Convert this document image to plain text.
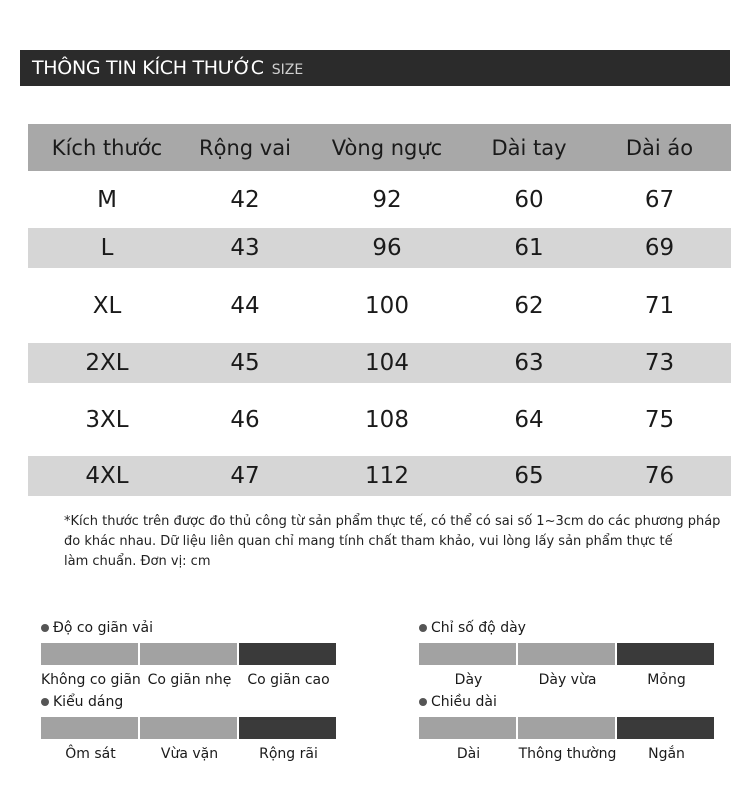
THÔNG TIN KÍCH THƯỚC SIZE
Kích thước	Rộng vai	Vòng ngực	Dài tay	Dài áo
M	42	92	60	67
L	43	96	61	69
XL	44	100	62	71
2XL	45	104	63	73
3XL	46	108	64	75
4XL	47	112	65	76
*Kích thước trên được đo thủ công từ sản phẩm thực tế, có thể có sai số 1~3cm do các phương pháp
đo khác nhau. Dữ liệu liên quan chỉ mang tính chất tham khảo, vui lòng lấy sản phẩm thực tế
làm chuẩn. Đơn vị: cm
Độ co giãn vải
Không co giãn Co giãn nhẹ	Co giãn cao
Chỉ số độ dày
Dày	Dày vừa	Mỏng
Kiểu dáng
Ôm sát	Vừa vặn	Rộng rãi
Chiều dài
Dài	Thông thường	Ngắn
